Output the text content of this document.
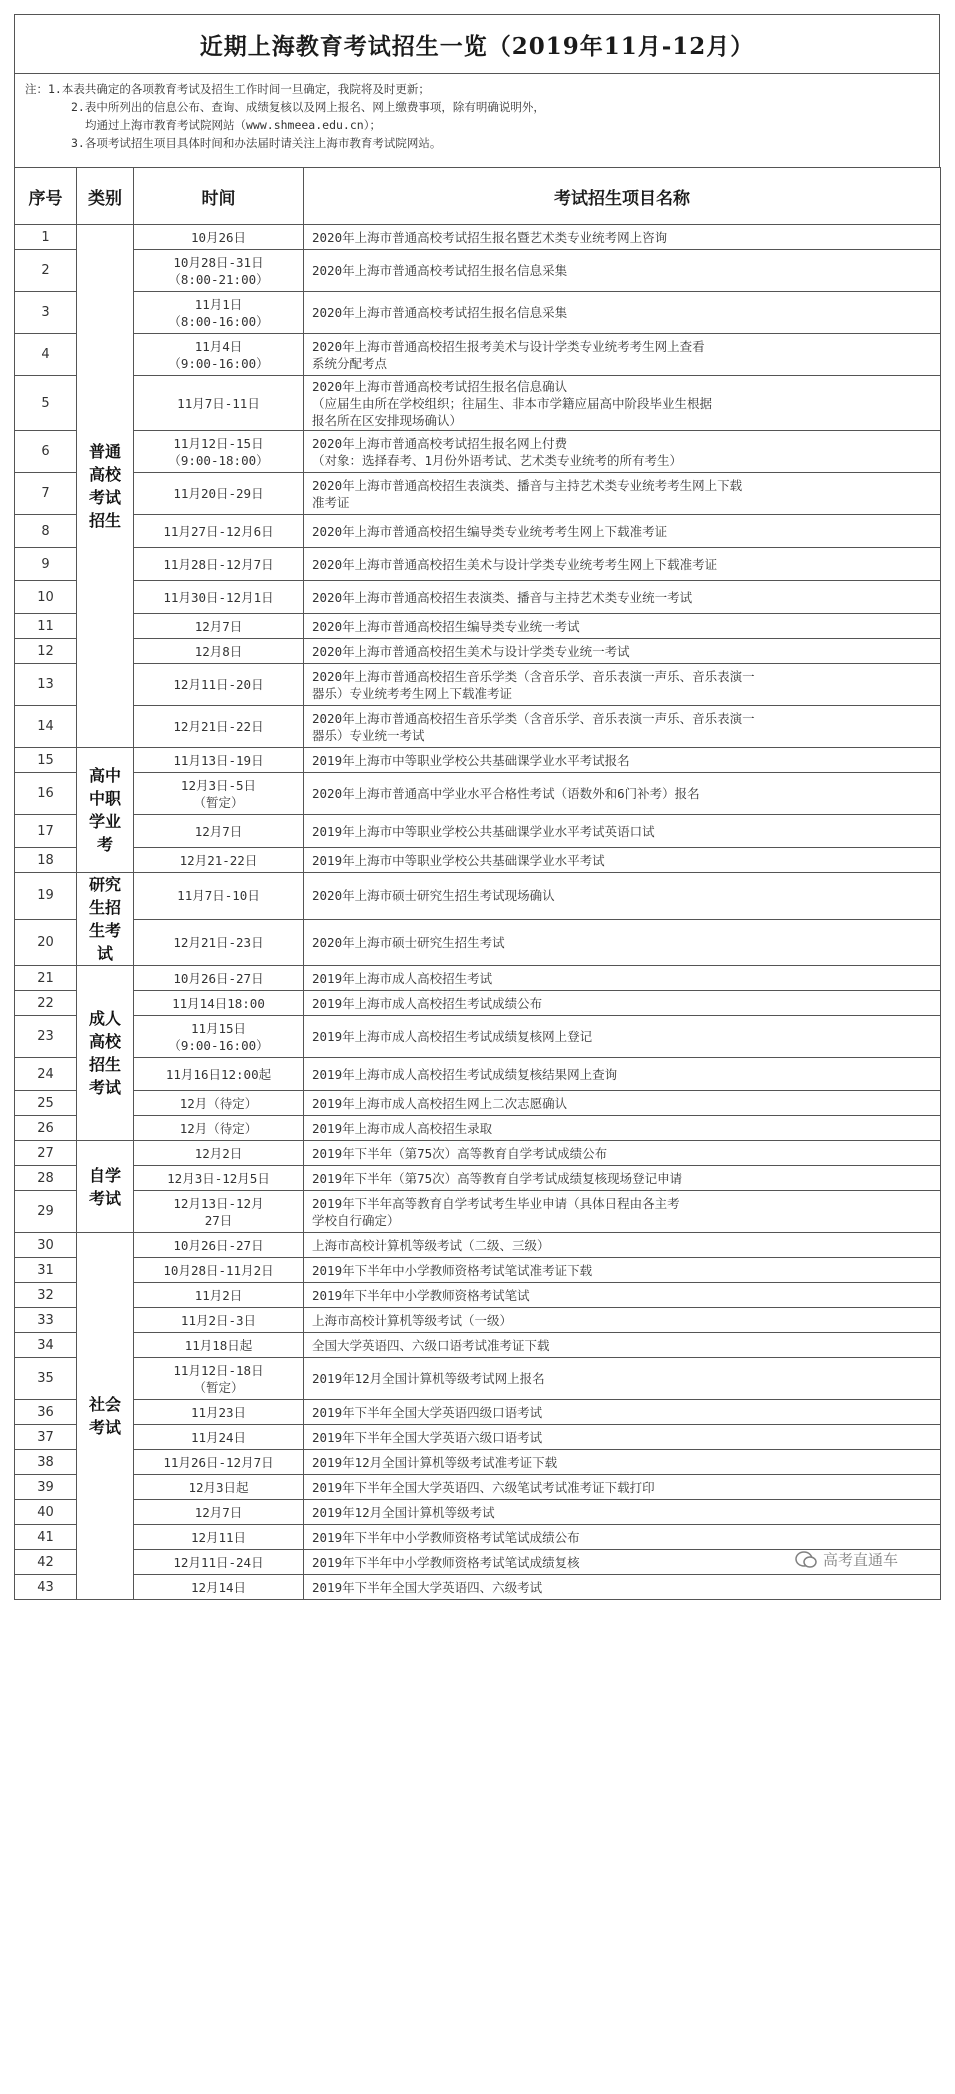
近期上海教育考试招生一览（2019年11月-12月）
注：1.本表共确定的各项教育考试及招生工作时间一旦确定，我院将及时更新；
2.表中所列出的信息公布、查询、成绩复核以及网上报名、网上缴费事项，除有明确说明外，
均通过上海市教育考试院网站（www.shmeea.edu.cn）；
3.各项考试招生项目具体时间和办法届时请关注上海市教育考试院网站。
序号	类别	时间	考试招生项目名称
1	普通高校考试招生	10月26日	2020年上海市普通高校考试招生报名暨艺术类专业统考网上咨询
2		10月28日-31日
（8:00-21:00）	2020年上海市普通高校考试招生报名信息采集
3		11月1日
（8:00-16:00）	2020年上海市普通高校考试招生报名信息采集
4		11月4日
（9:00-16:00）	2020年上海市普通高校招生报考美术与设计学类专业统考考生网上查看
系统分配考点
5		11月7日-11日	2020年上海市普通高校考试招生报名信息确认
（应届生由所在学校组织；往届生、非本市学籍应届高中阶段毕业生根据
报名所在区安排现场确认）
6		11月12日-15日
（9:00-18:00）	2020年上海市普通高校考试招生报名网上付费
（对象：选择春考、1月份外语考试、艺术类专业统考的所有考生）
7		11月20日-29日	2020年上海市普通高校招生表演类、播音与主持艺术类专业统考考生网上下载
准考证
8		11月27日-12月6日	2020年上海市普通高校招生编导类专业统考考生网上下载准考证
9		11月28日-12月7日	2020年上海市普通高校招生美术与设计学类专业统考考生网上下载准考证
10		11月30日-12月1日	2020年上海市普通高校招生表演类、播音与主持艺术类专业统一考试
11		12月7日	2020年上海市普通高校招生编导类专业统一考试
12		12月8日	2020年上海市普通高校招生美术与设计学类专业统一考试
13		12月11日-20日	2020年上海市普通高校招生音乐学类（含音乐学、音乐表演一声乐、音乐表演一
器乐）专业统考考生网上下载准考证
14		12月21日-22日	2020年上海市普通高校招生音乐学类（含音乐学、音乐表演一声乐、音乐表演一
器乐）专业统一考试
15	高中中职学业考	11月13日-19日	2019年上海市中等职业学校公共基础课学业水平考试报名
16		12月3日-5日
（暂定）	2020年上海市普通高中学业水平合格性考试（语数外和6门补考）报名
17		12月7日	2019年上海市中等职业学校公共基础课学业水平考试英语口试
18		12月21-22日	2019年上海市中等职业学校公共基础课学业水平考试
19	研究生招生考试	11月7日-10日	2020年上海市硕士研究生招生考试现场确认
20		12月21日-23日	2020年上海市硕士研究生招生考试
21	成人高校招生考试	10月26日-27日	2019年上海市成人高校招生考试
22		11月14日18:00	2019年上海市成人高校招生考试成绩公布
23		11月15日
（9:00-16:00）	2019年上海市成人高校招生考试成绩复核网上登记
24		11月16日12:00起	2019年上海市成人高校招生考试成绩复核结果网上查询
25		12月（待定）	2019年上海市成人高校招生网上二次志愿确认
26		12月（待定）	2019年上海市成人高校招生录取
27	自学考试	12月2日	2019年下半年（第75次）高等教育自学考试成绩公布
28		12月3日-12月5日	2019年下半年（第75次）高等教育自学考试成绩复核现场登记申请
29		12月13日-12月
27日	2019年下半年高等教育自学考试考生毕业申请（具体日程由各主考
学校自行确定）
30	社会考试	10月26日-27日	上海市高校计算机等级考试（二级、三级）
31		10月28日-11月2日	2019年下半年中小学教师资格考试笔试准考证下载
32		11月2日	2019年下半年中小学教师资格考试笔试
33		11月2日-3日	上海市高校计算机等级考试（一级）
34		11月18日起	全国大学英语四、六级口语考试准考证下载
35		11月12日-18日
（暂定）	2019年12月全国计算机等级考试网上报名
36		11月23日	2019年下半年全国大学英语四级口语考试
37		11月24日	2019年下半年全国大学英语六级口语考试
38		11月26日-12月7日	2019年12月全国计算机等级考试准考证下载
39		12月3日起	2019年下半年全国大学英语四、六级笔试考试准考证下载打印
40		12月7日	2019年12月全国计算机等级考试
41		12月11日	2019年下半年中小学教师资格考试笔试成绩公布
42		12月11日-24日	2019年下半年中小学教师资格考试笔试成绩复核
43		12月14日	2019年下半年全国大学英语四、六级考试
高考直通车
